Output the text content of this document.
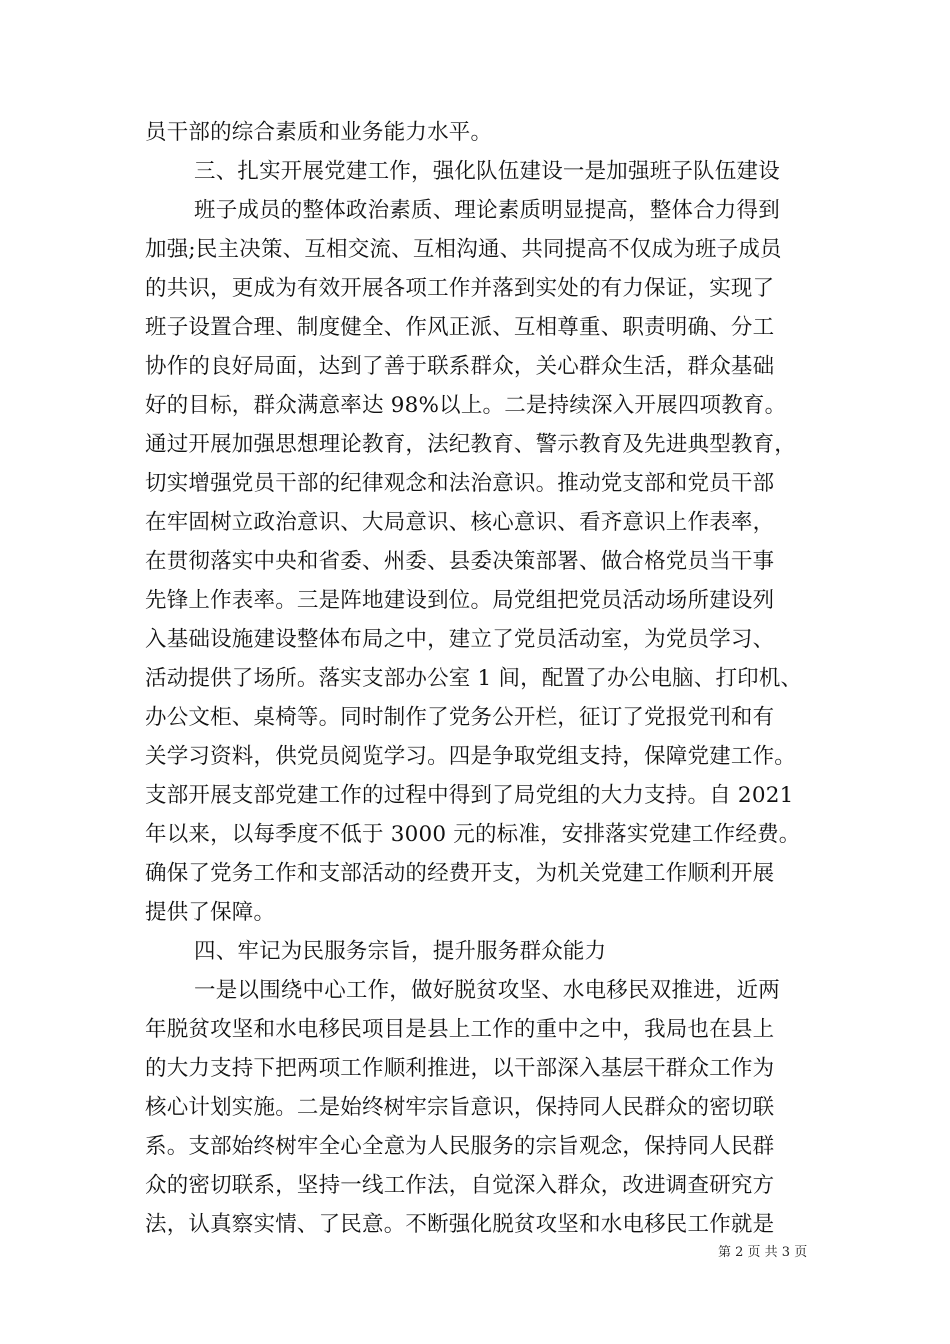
员干部的综合素质和业务能力水平。
三、扎实开展党建工作，强化队伍建设一是加强班子队伍建设
班子成员的整体政治素质、理论素质明显提高，整体合力得到
加强;民主决策、互相交流、互相沟通、共同提高不仅成为班子成员
的共识，更成为有效开展各项工作并落到实处的有力保证，实现了
班子设置合理、制度健全、作风正派、互相尊重、职责明确、分工
协作的良好局面，达到了善于联系群众，关心群众生活，群众基础
好的目标，群众满意率达 98%以上。二是持续深入开展四项教育。
通过开展加强思想理论教育，法纪教育、警示教育及先进典型教育，
切实增强党员干部的纪律观念和法治意识。推动党支部和党员干部
在牢固树立政治意识、大局意识、核心意识、看齐意识上作表率，
在贯彻落实中央和省委、州委、县委决策部署、做合格党员当干事
先锋上作表率。三是阵地建设到位。局党组把党员活动场所建设列
入基础设施建设整体布局之中，建立了党员活动室，为党员学习、
活动提供了场所。落实支部办公室 1 间，配置了办公电脑、打印机、
办公文柜、桌椅等。同时制作了党务公开栏，征订了党报党刊和有
关学习资料，供党员阅览学习。四是争取党组支持，保障党建工作。
支部开展支部党建工作的过程中得到了局党组的大力支持。自 2021
年以来，以每季度不低于 3000 元的标准，安排落实党建工作经费。
确保了党务工作和支部活动的经费开支，为机关党建工作顺利开展
提供了保障。
四、牢记为民服务宗旨，提升服务群众能力
一是以围绕中心工作，做好脱贫攻坚、水电移民双推进，近两
年脱贫攻坚和水电移民项目是县上工作的重中之中，我局也在县上
的大力支持下把两项工作顺利推进，以干部深入基层干群众工作为
核心计划实施。二是始终树牢宗旨意识，保持同人民群众的密切联
系。支部始终树牢全心全意为人民服务的宗旨观念，保持同人民群
众的密切联系，坚持一线工作法，自觉深入群众，改进调查研究方
法，认真察实情、了民意。不断强化脱贫攻坚和水电移民工作就是
第 2 页 共 3 页
